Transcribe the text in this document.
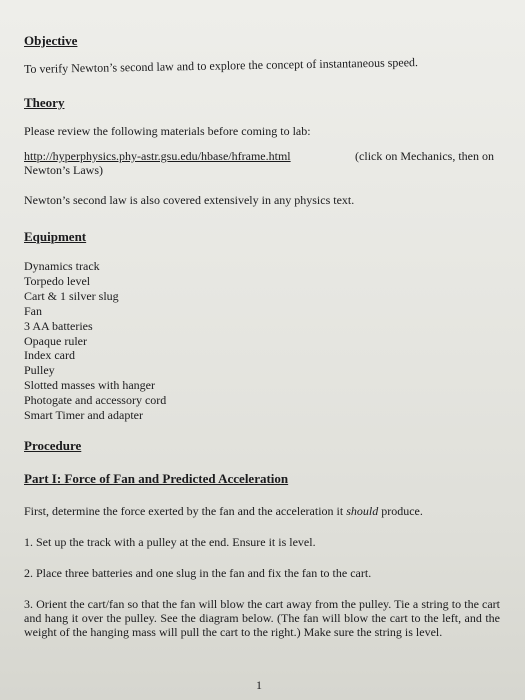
Objective
To verify Newton’s second law and to explore the concept of instantaneous speed.
Theory
Please review the following materials before coming to lab:
http://hyperphysics.phy-astr.gsu.edu/hbase/hframe.html	(click on Mechanics, then on
Newton’s Laws)
Newton’s second law is also covered extensively in any physics text.
Equipment
Dynamics track
Torpedo level
Cart & 1 silver slug
Fan
3 AA batteries
Opaque ruler
Index card
Pulley
Slotted masses with hanger
Photogate and accessory cord
Smart Timer and adapter
Procedure
Part I: Force of Fan and Predicted Acceleration
First, determine the force exerted by the fan and the acceleration it should produce.
1. Set up the track with a pulley at the end. Ensure it is level.
2. Place three batteries and one slug in the fan and fix the fan to the cart.
3. Orient the cart/fan so that the fan will blow the cart away from the pulley. Tie a string to the cart and hang it over the pulley. See the diagram below. (The fan will blow the cart to the left, and the weight of the hanging mass will pull the cart to the right.) Make sure the string is level.
1
